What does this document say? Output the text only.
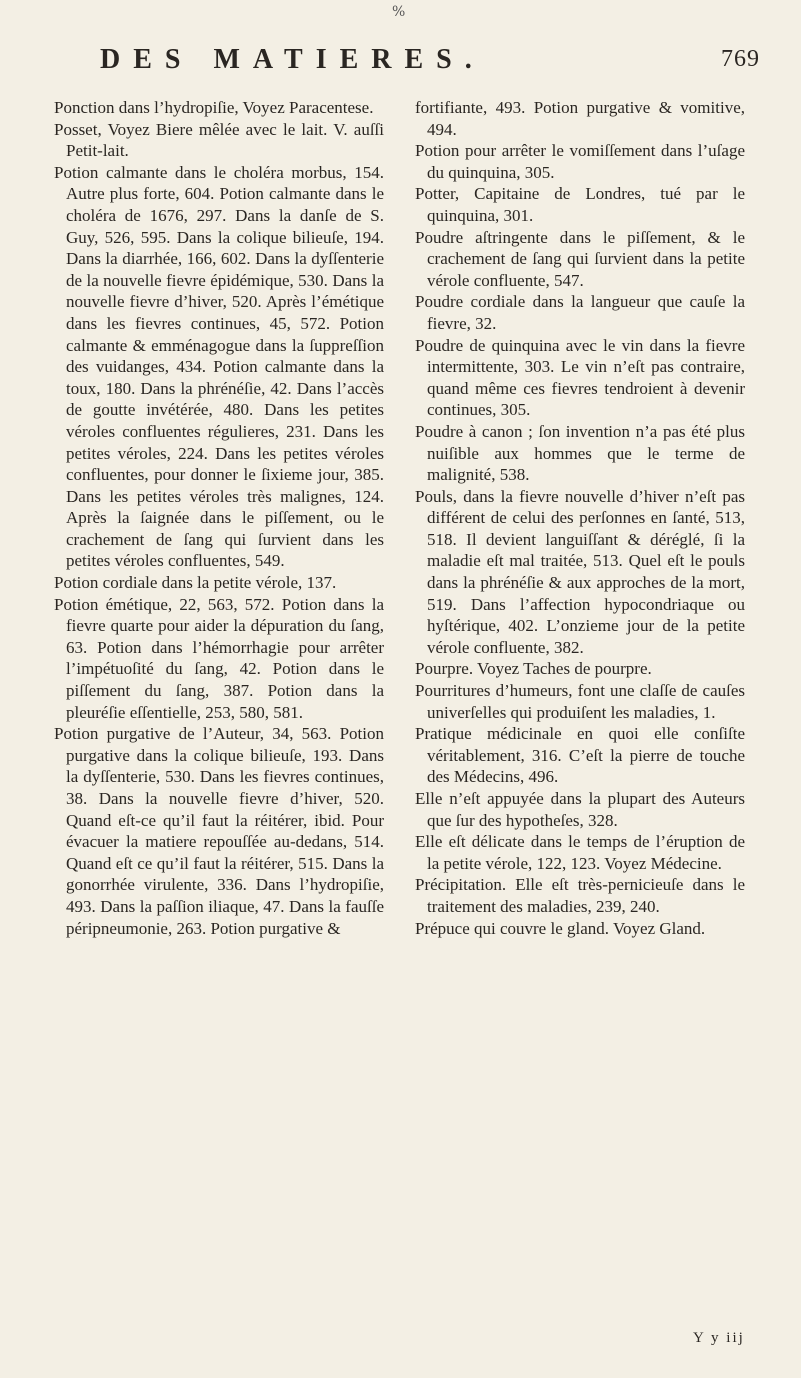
%
DES MATIERES.	769

Ponction dans l’hydropiſie, Voyez Paracentese.

Posset, Voyez Biere mêlée avec le lait. V. auſſi Petit-lait.

Potion calmante dans le choléra morbus, 154. Autre plus forte, 604. Potion calmante dans le choléra de 1676, 297. Dans la danſe de S. Guy, 526, 595. Dans la colique bilieuſe, 194. Dans la diarrhée, 166, 602. Dans la dyſſenterie de la nouvelle fievre épidémique, 530. Dans la nouvelle fievre d’hiver, 520. Après l’émétique dans les fievres continues, 45, 572. Potion calmante & emménagogue dans la ſuppreſſion des vuidanges, 434. Potion calmante dans la toux, 180. Dans la phrénéſie, 42. Dans l’accès de goutte invétérée, 480. Dans les petites véroles confluentes régulieres, 231. Dans les petites véroles, 224. Dans les petites véroles confluentes, pour donner le ſixieme jour, 385. Dans les petites véroles très malignes, 124. Après la ſaignée dans le piſſement, ou le crachement de ſang qui ſurvient dans les petites véroles confluentes, 549.

Potion cordiale dans la petite vérole, 137.

Potion émétique, 22, 563, 572. Potion dans la fievre quarte pour aider la dépuration du ſang, 63. Potion dans l’hémorrhagie pour arrêter l’impétuoſité du ſang, 42. Potion dans le piſſement du ſang, 387. Potion dans la pleuréſie eſſentielle, 253, 580, 581.

Potion purgative de l’Auteur, 34, 563. Potion purgative dans la colique bilieuſe, 193. Dans la dyſſenterie, 530. Dans les fievres continues, 38. Dans la nouvelle fievre d’hiver, 520. Quand eſt-ce qu’il faut la réitérer, ibid. Pour évacuer la matiere repouſſée au-dedans, 514. Quand eſt ce qu’il faut la réitérer, 515. Dans la gonorrhée virulente, 336. Dans l’hydropiſie, 493. Dans la paſſion iliaque, 47. Dans la fauſſe péripneumonie, 263. Potion purgative &

fortifiante, 493. Potion purgative & vomitive, 494.

Potion pour arrêter le vomiſſement dans l’uſage du quinquina, 305.

Potter, Capitaine de Londres, tué par le quinquina, 301.

Poudre aſtringente dans le piſſement, & le crachement de ſang qui ſurvient dans la petite vérole confluente, 547.

Poudre cordiale dans la langueur que cauſe la fievre, 32.

Poudre de quinquina avec le vin dans la fievre intermittente, 303. Le vin n’eſt pas contraire, quand même ces fievres tendroient à devenir continues, 305.

Poudre à canon ; ſon invention n’a pas été plus nuiſible aux hommes que le terme de malignité, 538.

Pouls, dans la fievre nouvelle d’hiver n’eſt pas différent de celui des perſonnes en ſanté, 513, 518. Il devient languiſſant & déréglé, ſi la maladie eſt mal traitée, 513. Quel eſt le pouls dans la phrénéſie & aux approches de la mort, 519. Dans l’affection hypocondriaque ou hyſtérique, 402. L’onzieme jour de la petite vérole confluente, 382.

Pourpre. Voyez Taches de pourpre.

Pourritures d’humeurs, font une claſſe de cauſes univerſelles qui produiſent les maladies, 1.

Pratique médicinale en quoi elle conſiſte véritablement, 316. C’eſt la pierre de touche des Médecins, 496.

Elle n’eſt appuyée dans la plupart des Auteurs que ſur des hypotheſes, 328.

Elle eſt délicate dans le temps de l’éruption de la petite vérole, 122, 123. Voyez Médecine.

Précipitation. Elle eſt très-pernicieuſe dans le traitement des maladies, 239, 240.

Prépuce qui couvre le gland. Voyez Gland.

Y y iij
